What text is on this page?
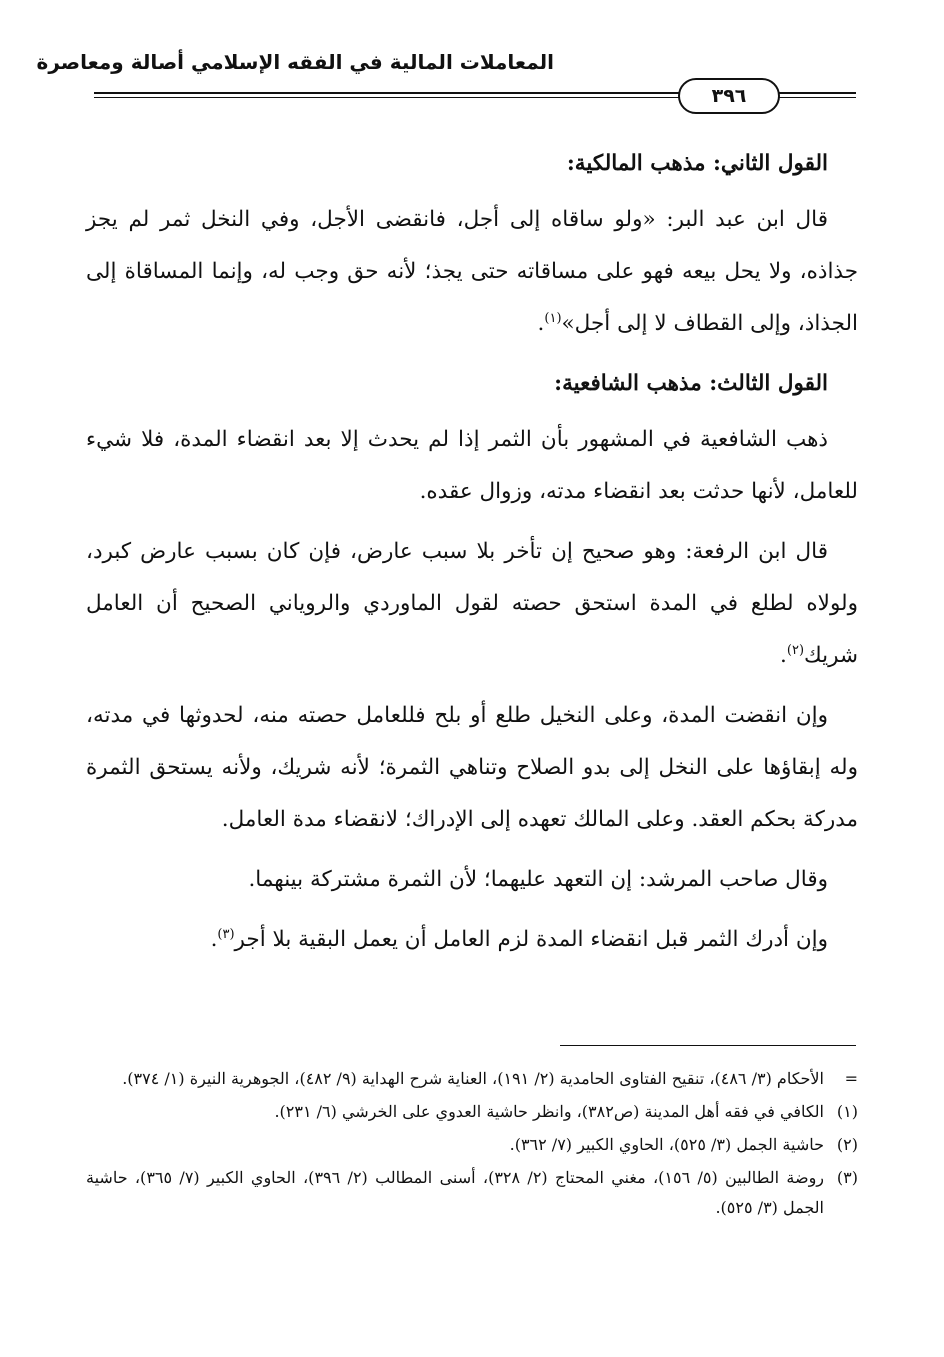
المعاملات المالية في الفقه الإسلامي أصالة ومعاصرة
٣٩٦

القول الثاني: مذهب المالكية:

قال ابن عبد البر: «ولو ساقاه إلى أجل، فانقضى الأجل، وفي النخل ثمر لم يجز جذاذه، ولا يحل بيعه فهو على مساقاته حتى يجذ؛ لأنه حق وجب له، وإنما المساقاة إلى الجذاذ، وإلى القطاف لا إلى أجل»$^{(١)}$.

القول الثالث: مذهب الشافعية:

ذهب الشافعية في المشهور بأن الثمر إذا لم يحدث إلا بعد انقضاء المدة، فلا شيء للعامل، لأنها حدثت بعد انقضاء مدته، وزوال عقده.

قال ابن الرفعة: وهو صحيح إن تأخر بلا سبب عارض، فإن كان بسبب عارض كبرد، ولولاه لطلع في المدة استحق حصته لقول الماوردي والروياني الصحيح أن العامل شريك$^{(٢)}$.

وإن انقضت المدة، وعلى النخيل طلع أو بلح فللعامل حصته منه، لحدوثها في مدته، وله إبقاؤها على النخل إلى بدو الصلاح وتناهي الثمرة؛ لأنه شريك، ولأنه يستحق الثمرة مدركة بحكم العقد. وعلى المالك تعهده إلى الإدراك؛ لانقضاء مدة العامل.

وقال صاحب المرشد: إن التعهد عليهما؛ لأن الثمرة مشتركة بينهما.

وإن أدرك الثمر قبل انقضاء المدة لزم العامل أن يعمل البقية بلا أجر$^{(٣)}$.

=
الأحكام (٣/ ٤٨٦)، تنقيح الفتاوى الحامدية (٢/ ١٩١)، العناية شرح الهداية (٩/ ٤٨٢)، الجوهرية النيرة (١/ ٣٧٤).
(١)
الكافي في فقه أهل المدينة (ص٣٨٢)، وانظر حاشية العدوي على الخرشي (٦/ ٢٣١).
(٢)
حاشية الجمل (٣/ ٥٢٥)، الحاوي الكبير (٧/ ٣٦٢).
(٣)
روضة الطالبين (٥/ ١٥٦)، مغني المحتاج (٢/ ٣٢٨)، أسنى المطالب (٢/ ٣٩٦)، الحاوي الكبير (٧/ ٣٦٥)، حاشية الجمل (٣/ ٥٢٥).
